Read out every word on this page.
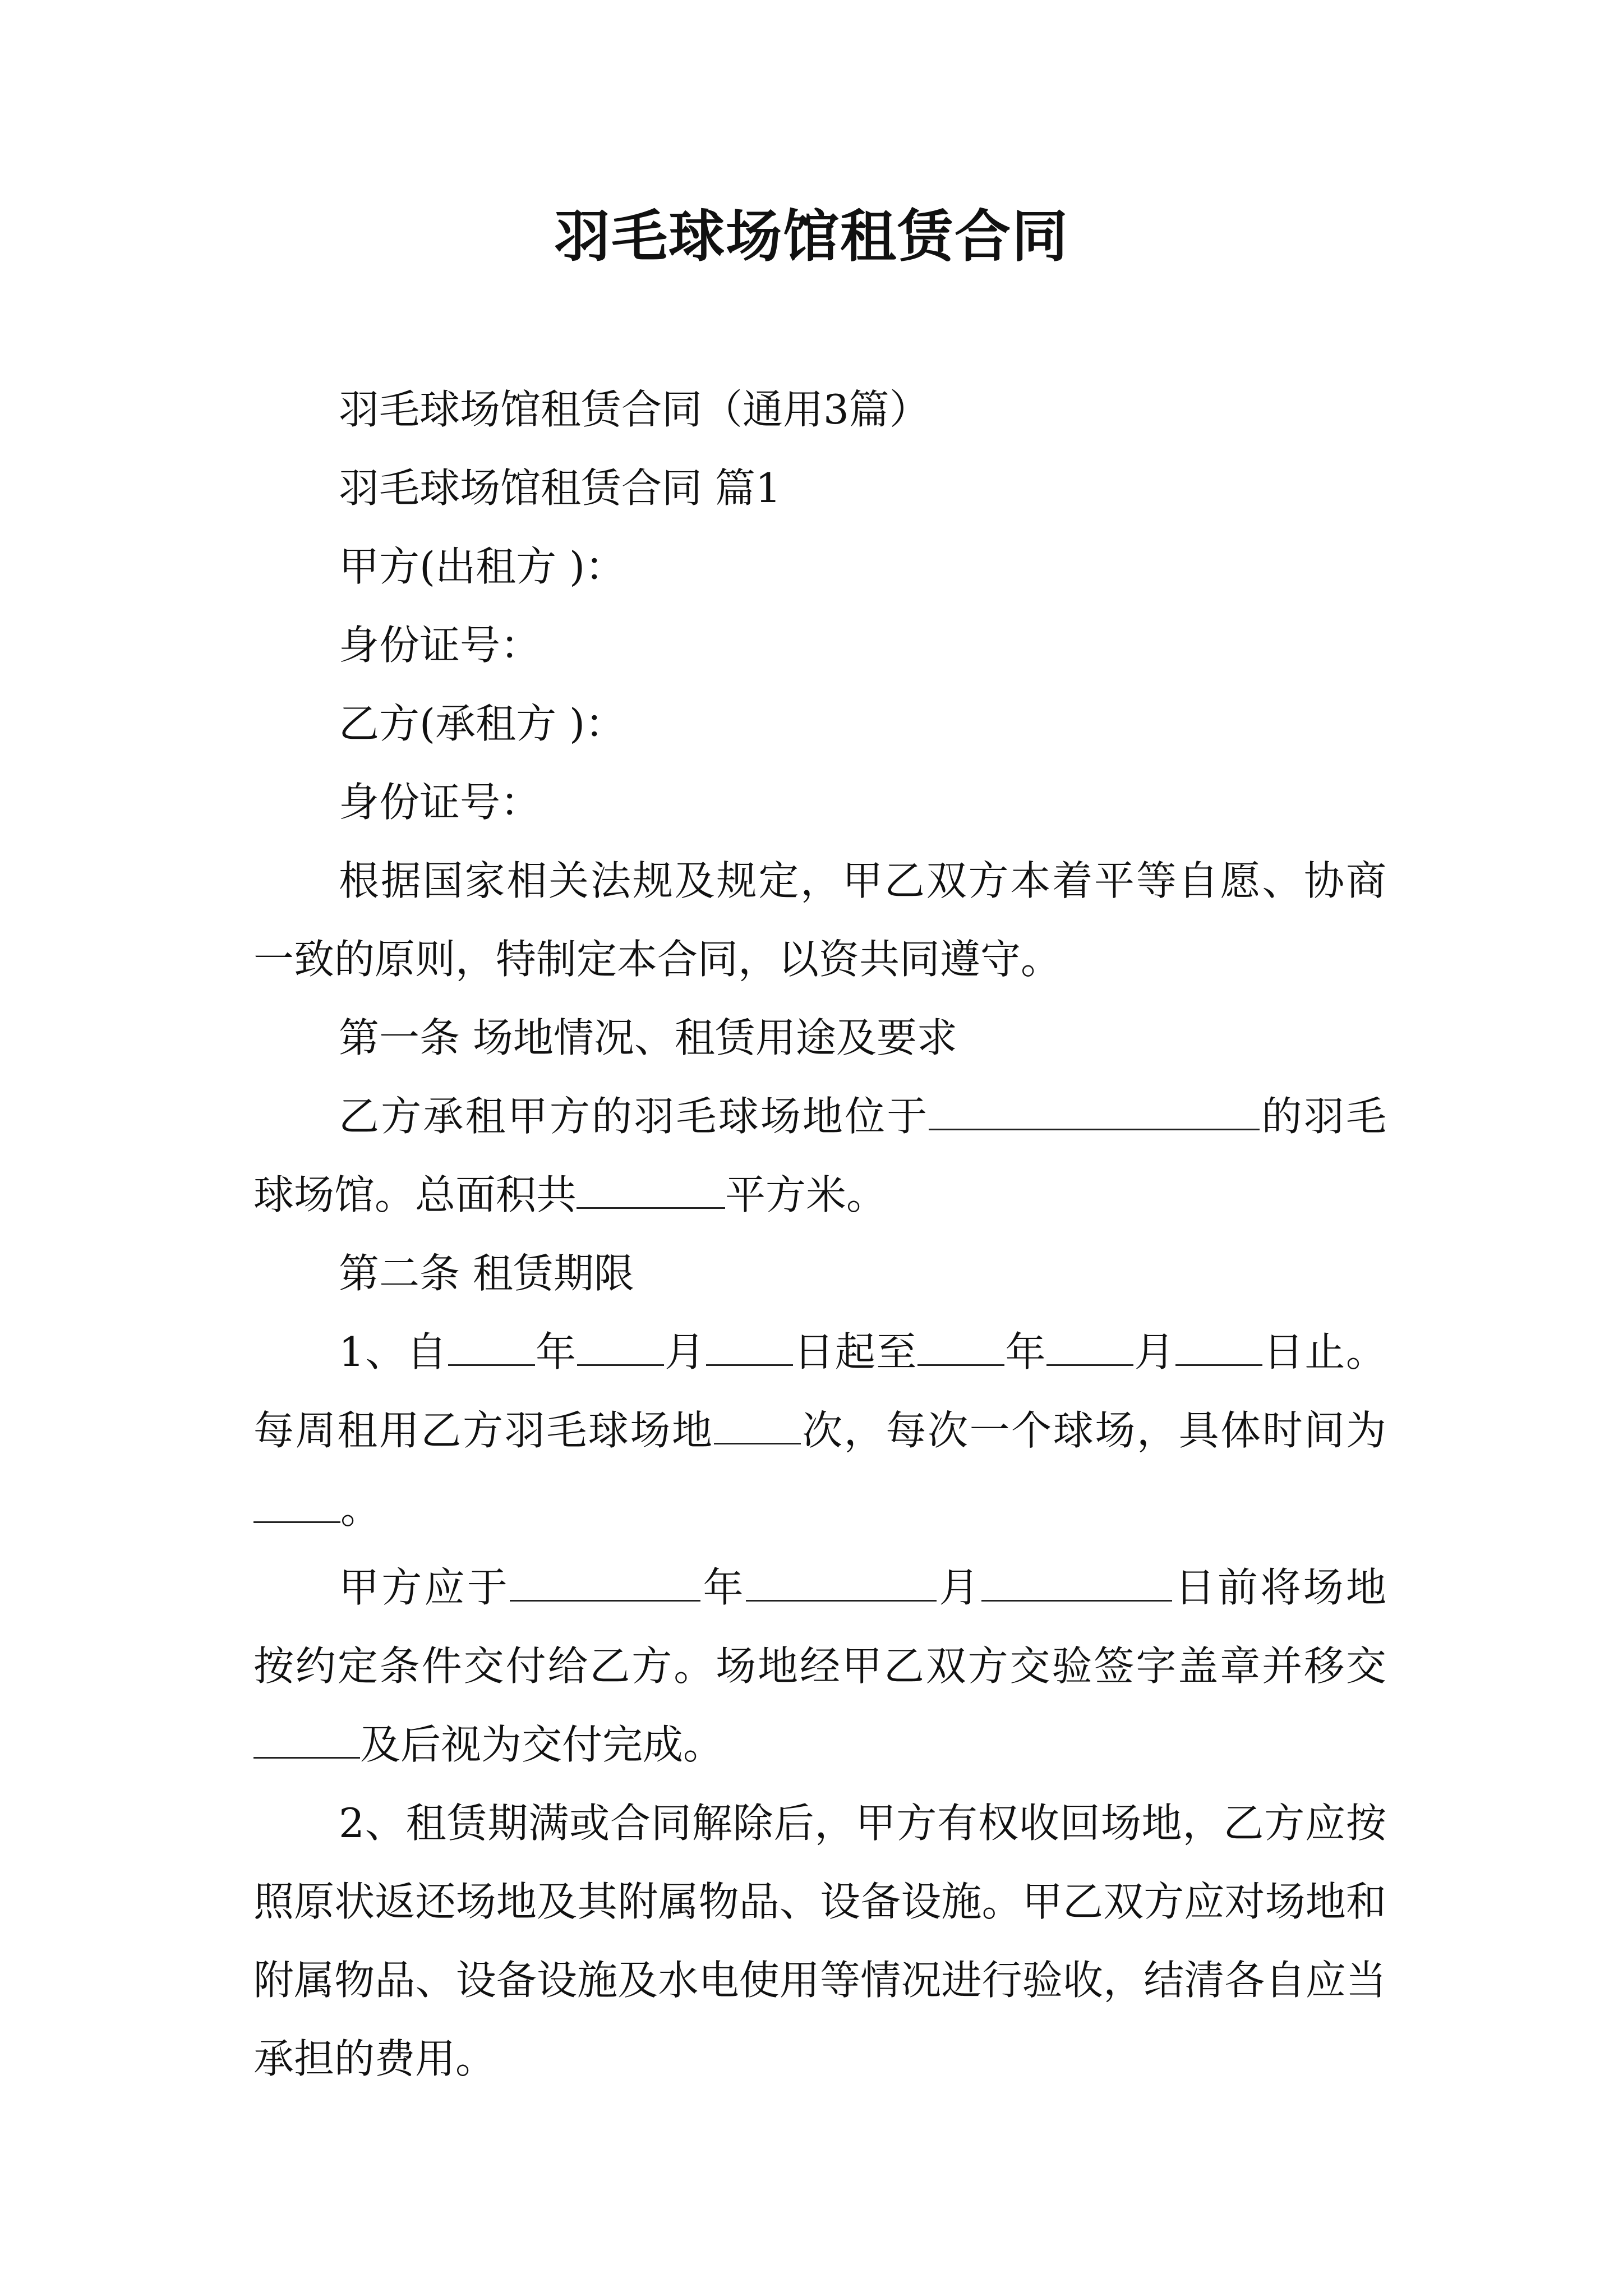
羽毛球场馆租赁合同

羽毛球场馆租赁合同（通用3篇）

羽毛球场馆租赁合同 篇1

甲方(出租方 )：

身份证号：

乙方(承租方 )：

身份证号：

根据国家相关法规及规定，甲乙双方本着平等自愿、协商一致的原则，特制定本合同，以资共同遵守。

第一条 场地情况、租赁用途及要求

乙方承租甲方的羽毛球场地位于	的羽毛球场馆。总面积共	平方米。

第二条 租赁期限

1、自 年 月 日起至 年 月 日止。每周租用乙方羽毛球场地 次，每次一个球场，具体时间为。

甲方应于	年	月	日前将场地按约定条件交付给乙方。场地经甲乙双方交验签字盖章并移交及后视为交付完成。

2、租赁期满或合同解除后，甲方有权收回场地，乙方应按照原状返还场地及其附属物品、设备设施。甲乙双方应对场地和附属物品、设备设施及水电使用等情况进行验收，结清各自应当承担的费用。
